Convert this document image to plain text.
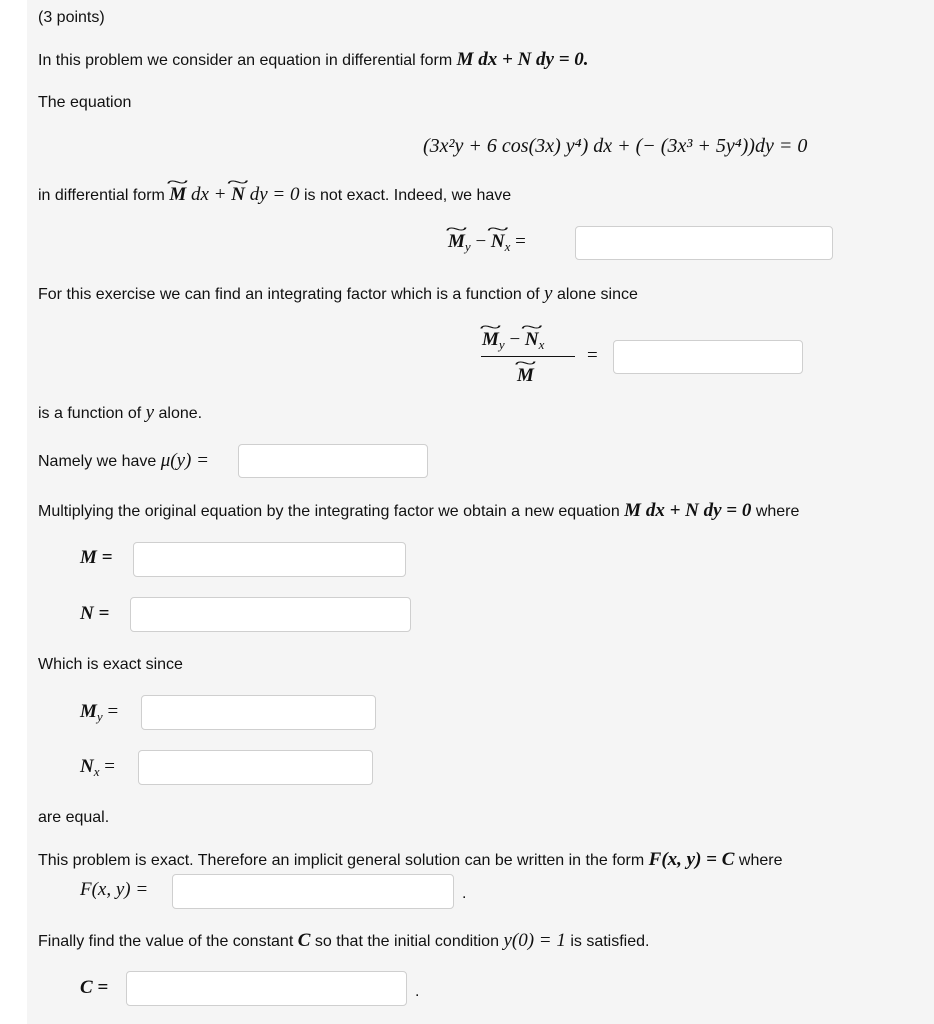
(3 points)
In this problem we consider an equation in differential form M dx + N dy = 0.
The equation
(3x²y + 6 cos(3x) y⁴) dx + (− (3x³ + 5y⁴))dy = 0
in differential form ~ M dx + ~ N dy = 0 is not exact. Indeed, we have
~ $M_y$ − ~ $N_x$ =
For this exercise we can find an integrating factor which is a function of y alone since
~ $M_y$ − ~ $N_x$
~ M
=
is a function of y alone.
Namely we have μ(y) =
Multiplying the original equation by the integrating factor we obtain a new equation M dx + N dy = 0 where
M =
N =
Which is exact since
$M_y$ =
$N_x$ =
are equal.
This problem is exact. Therefore an implicit general solution can be written in the form F(x, y) = C where
F(x, y) =	.
Finally find the value of the constant C so that the initial condition y(0) = 1 is satisfied.
C =	.
